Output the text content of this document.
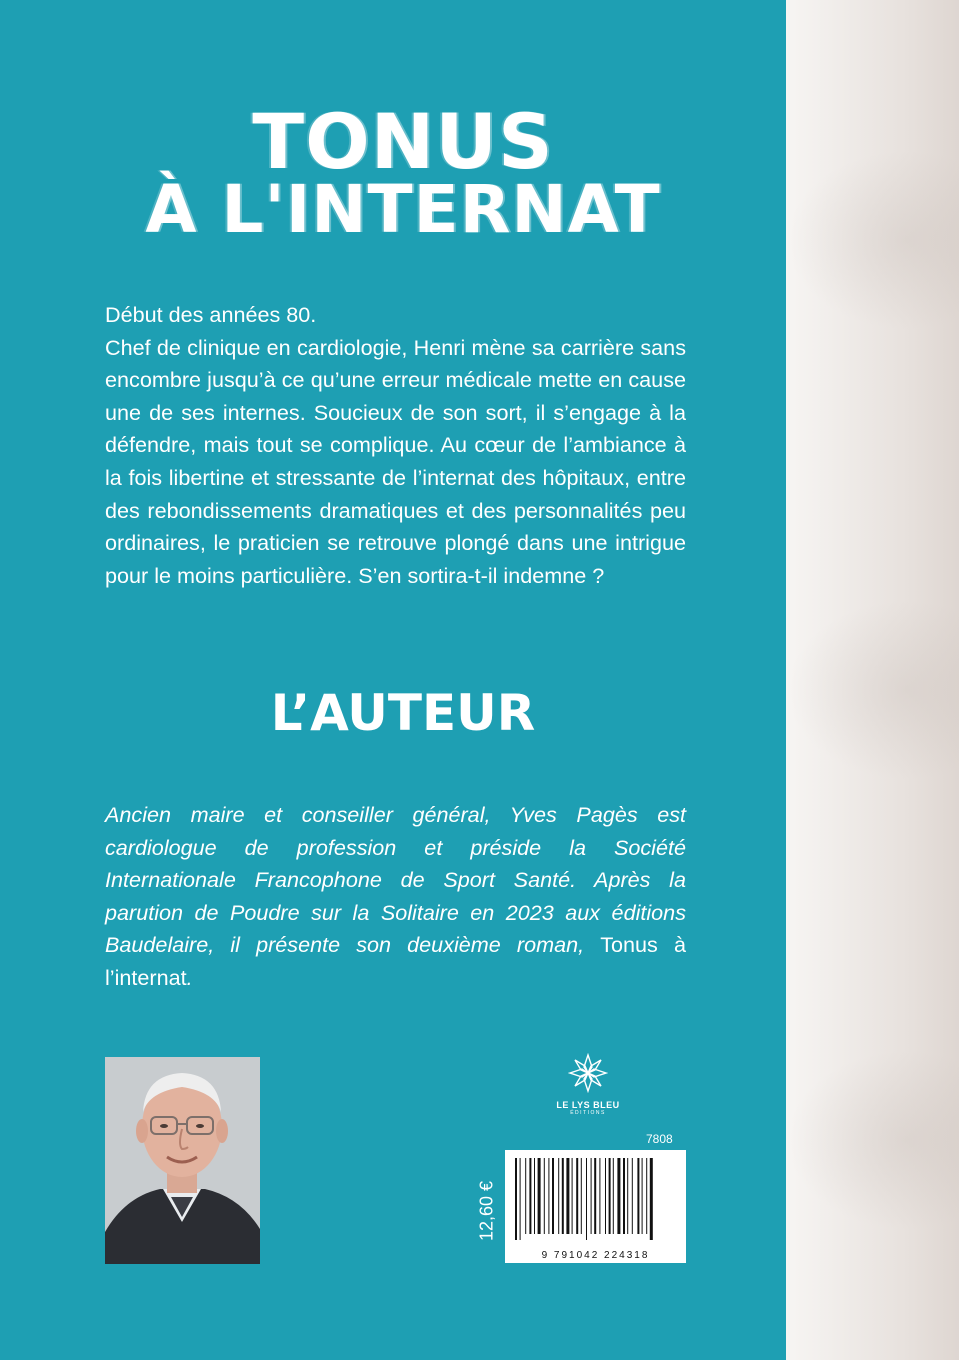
TONUS
À L'INTERNAT

Début des années 80.

Chef de clinique en cardiologie, Henri mène sa carrière sans encombre jusqu’à ce qu’une erreur médicale mette en cause une de ses internes. Soucieux de son sort, il s’engage à la défendre, mais tout se complique. Au cœur de l’ambiance à la fois libertine et stressante de l’internat des hôpitaux, entre des rebondissements dramatiques et des personnalités peu ordinaires, le praticien se retrouve plongé dans une intrigue pour le moins particulière. S’en sortira-t-il indemne ?

L’AUTEUR
Ancien maire et conseiller général, Yves Pagès est cardiologue de profession et préside la Société Internationale Francophone de Sport Santé. Après la parution de Poudre sur la Solitaire en 2023 aux éditions Baudelaire, il présente son deuxième roman, Tonus à l’internat.
LE LYS BLEU
ÉDITIONS
7808
12,60 €
9 791042 224318
